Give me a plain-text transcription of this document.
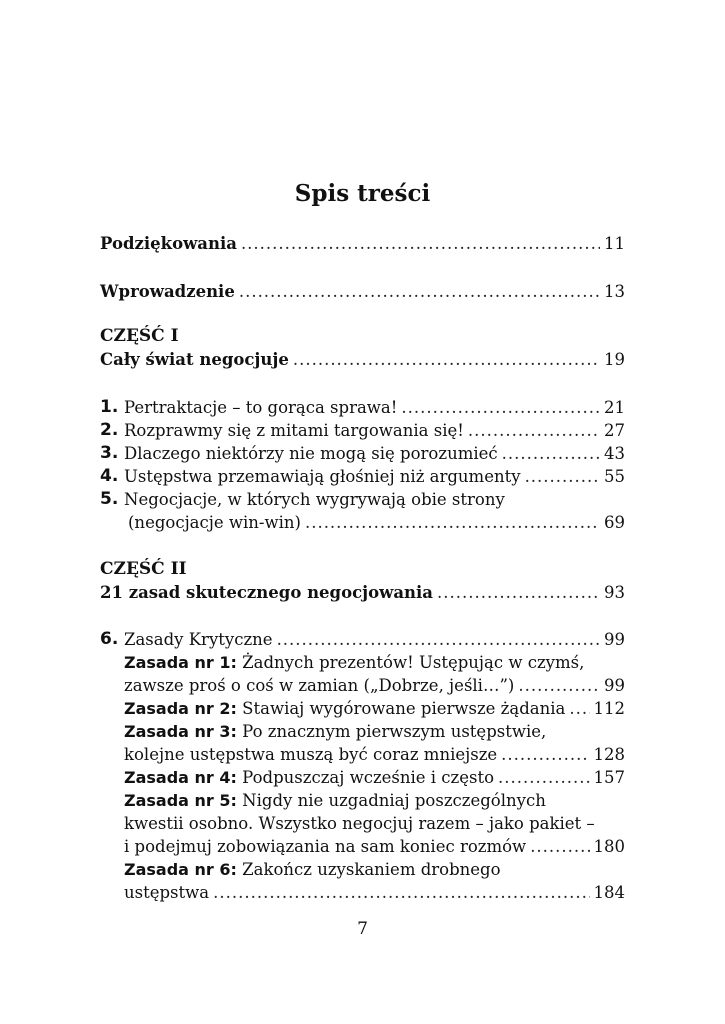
Spis treści
Podziękowania .....	11
Wprowadzenie .....	13
CZĘŚĆ I
Cały świat negocjuje .....	19
1. Pertraktacje – to gorąca sprawa! .....	21
2. Rozprawmy się z mitami targowania się! .....	27
3. Dlaczego niektórzy nie mogą się porozumieć .....	43
4. Ustępstwa przemawiają głośniej niż argumenty .....	55
5. Negocjacje, w których wygrywają obie strony
(negocjacje win-win) .....	69
CZĘŚĆ II
21 zasad skutecznego negocjowania .....	93
6. Zasady Krytyczne .....	99
Zasada nr 1: Żadnych prezentów! Ustępując w czymś,
zawsze proś o coś w zamian („Dobrze, jeśli…”) .....	99
Zasada nr 2: Stawiaj wygórowane pierwsze żądania ..... 112
Zasada nr 3: Po znacznym pierwszym ustępstwie,
kolejne ustępstwa muszą być coraz mniejsze .....	128
Zasada nr 4: Podpuszczaj wcześnie i często .....	157
Zasada nr 5: Nigdy nie uzgadniaj poszczególnych
kwestii osobno. Wszystko negocjuj razem – jako pakiet –
i podejmuj zobowiązania na sam koniec rozmów .....	180
Zasada nr 6: Zakończ uzyskaniem drobnego
ustępstwa .....	184
7
